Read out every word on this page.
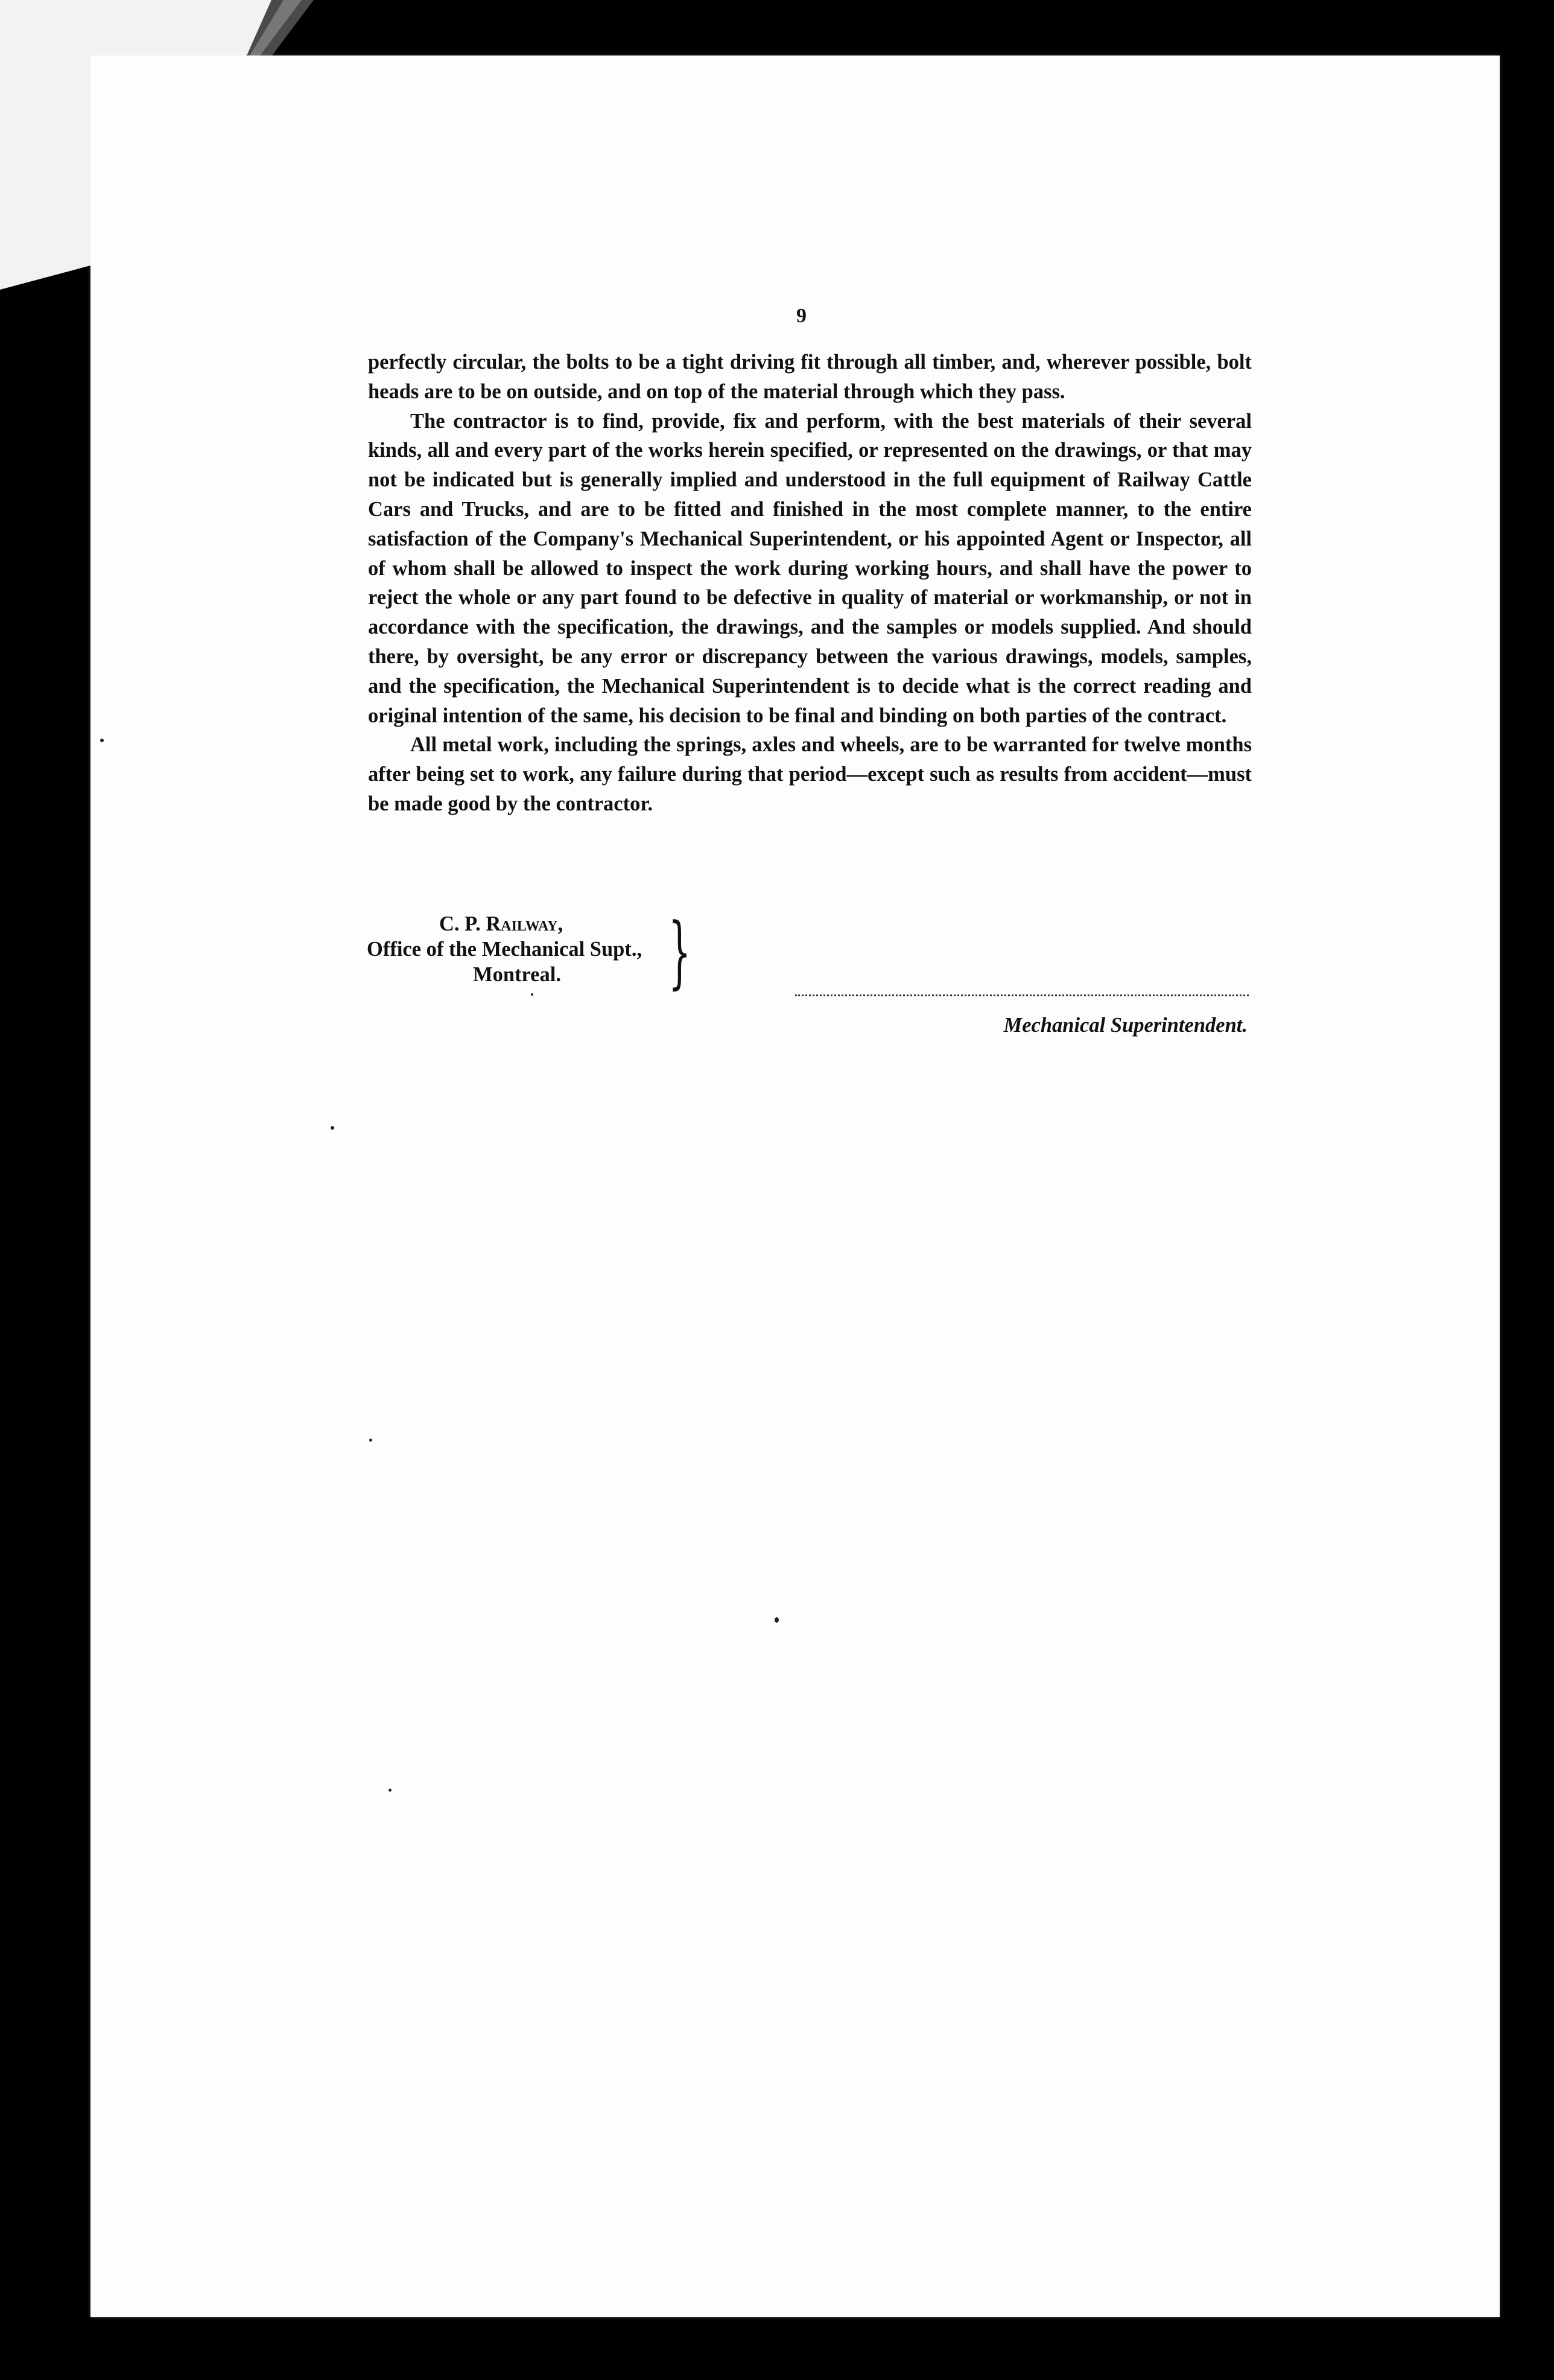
9

perfectly circular, the bolts to be a tight driving fit through all timber, and, wherever possible, bolt heads are to be on outside, and on top of the material through which they pass.

The contractor is to find, provide, fix and perform, with the best materials of their several kinds, all and every part of the works herein specified, or represented on the drawings, or that may not be indicated but is generally implied and understood in the full equipment of Railway Cattle Cars and Trucks, and are to be fitted and finished in the most complete manner, to the entire satisfaction of the Company's Mechanical Superintendent, or his appointed Agent or Inspector, all of whom shall be allowed to inspect the work during working hours, and shall have the power to reject the whole or any part found to be defective in quality of material or workmanship, or not in accordance with the specification, the drawings, and the samples or models supplied. And should there, by oversight, be any error or discrepancy between the various drawings, models, samples, and the specification, the Mechanical Superintendent is to decide what is the correct reading and original intention of the same, his decision to be final and binding on both parties of the contract.

All metal work, including the springs, axles and wheels, are to be warranted for twelve months after being set to work, any failure during that period—except such as results from accident—must be made good by the contractor.

C. P. Railway,
Office of the Mechanical Supt.,
Montreal.	}
Mechanical Superintendent.
